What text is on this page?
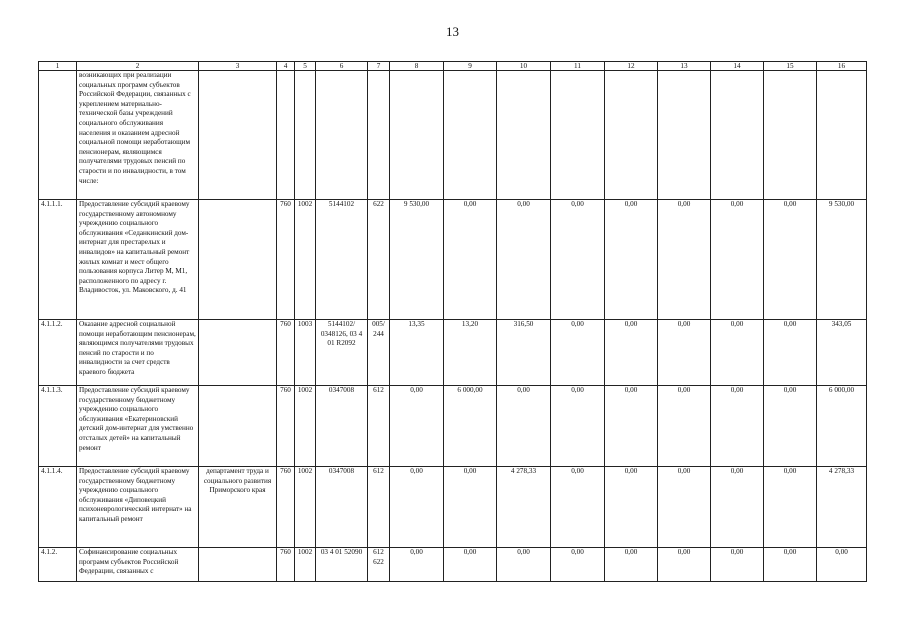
13
1	2	3	4	5	6	7	8	9	10	11	12	13	14	15	16
	возникающих при реализации социальных программ субъектов Российской Федерации, связанных с укреплением материально-технической базы учреждений социального обслуживания населения и оказанием адресной социальной помощи неработающим пенсионерам, являющимся получателями трудовых пенсий по старости и по инвалидности, в том числе:														
4.1.1.1.	Предоставление субсидий краевому государственному автономному учреждению социального обслуживания «Седанкинский дом-интернат для престарелых и инвалидов» на капитальный ремонт жилых комнат и мест общего пользования корпуса Литер М, М1, расположенного по адресу г. Владивосток, ул. Маковского, д. 41		760	1002	5144102	622	9 530,00	0,00	0,00	0,00	0,00	0,00	0,00	0,00	9 530,00
4.1.1.2.	Оказание адресной социальной помощи неработающим пенсионерам, являющимся получателями трудовых пенсий по старости и по инвалидности за счет средств краевого бюджета		760	1003	5144102/ 0348126, 03 4 01 R2092	005/ 244	13,35	13,20	316,50	0,00	0,00	0,00	0,00	0,00	343,05
4.1.1.3.	Предоставление субсидий краевому государственному бюджетному учреждению социального обслуживания «Екатериновский детский дом-интернат для умственно отсталых детей» на капитальный ремонт		760	1002	0347008	612	0,00	6 000,00	0,00	0,00	0,00	0,00	0,00	0,00	6 000,00
4.1.1.4.	Предоставление субсидий краевому государственному бюджетному учреждению социального обслуживания «Диповецкий психоневрологический интернат» на капитальный ремонт	департамент труда и социального развития Приморского края	760	1002	0347008	612	0,00	0,00	4 278,33	0,00	0,00	0,00	0,00	0,00	4 278,33
4.1.2.	Софинансирование социальных программ субъектов Российской Федерации, связанных с		760	1002	03 4 01 52090	612 622	0,00	0,00	0,00	0,00	0,00	0,00	0,00	0,00	0,00
